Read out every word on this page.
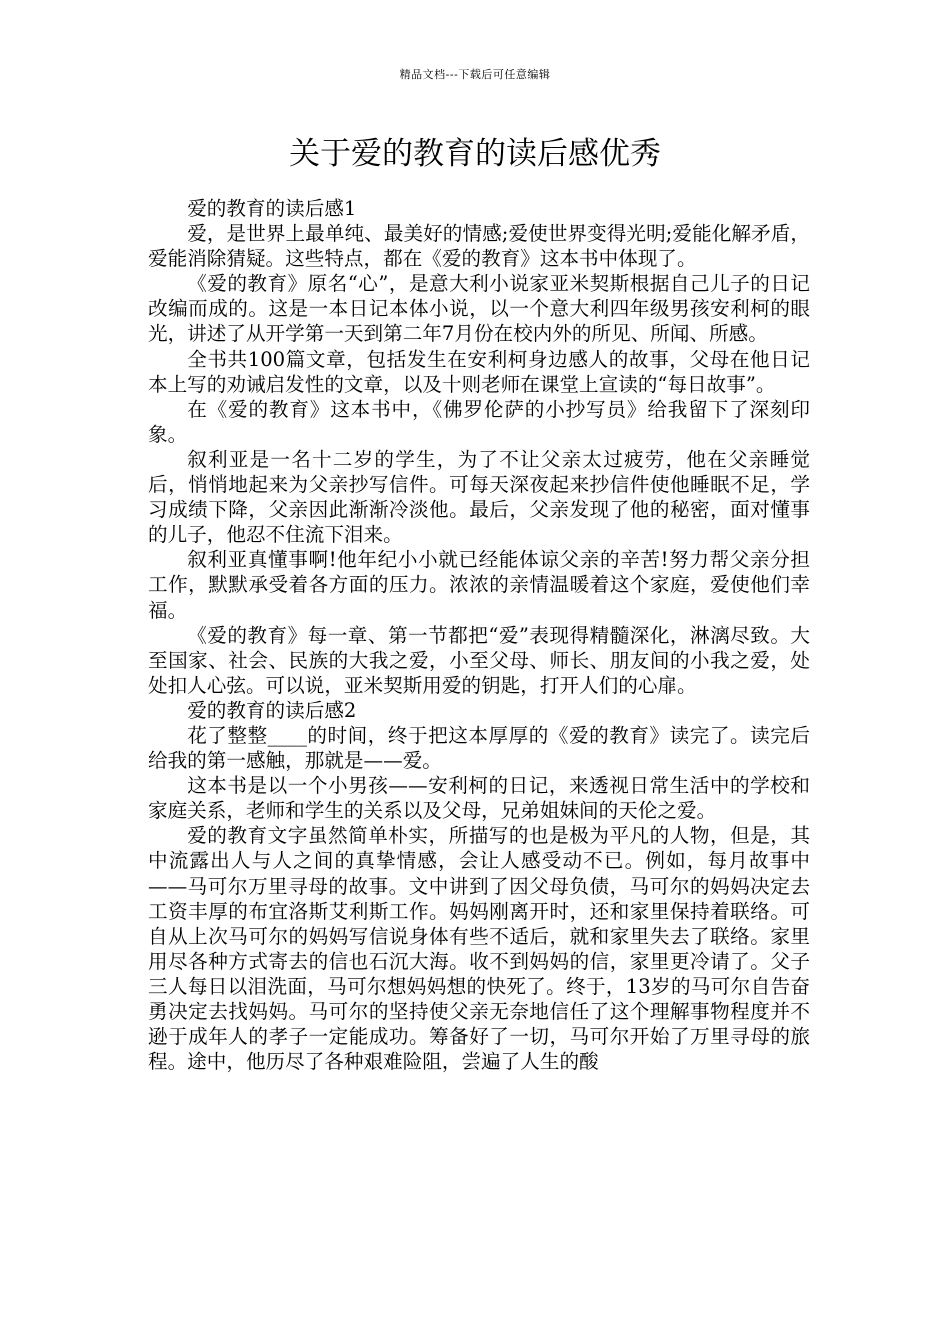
精品文档---下载后可任意编辑
关于爱的教育的读后感优秀

爱的教育的读后感1

爱，是世界上最单纯、最美好的情感;爱使世界变得光明;爱能化解矛盾，爱能消除猜疑。这些特点，都在《爱的教育》这本书中体现了。

《爱的教育》原名“心”，是意大利小说家亚米契斯根据自己儿子的日记改编而成的。这是一本日记本体小说，以一个意大利四年级男孩安利柯的眼光，讲述了从开学第一天到第二年7月份在校内外的所见、所闻、所感。

全书共100篇文章，包括发生在安利柯身边感人的故事，父母在他日记本上写的劝诫启发性的文章，以及十则老师在课堂上宣读的“每日故事”。

在《爱的教育》这本书中，《佛罗伦萨的小抄写员》给我留下了深刻印象。

叙利亚是一名十二岁的学生，为了不让父亲太过疲劳，他在父亲睡觉后，悄悄地起来为父亲抄写信件。可每天深夜起来抄信件使他睡眠不足，学习成绩下降，父亲因此渐渐冷淡他。最后，父亲发现了他的秘密，面对懂事的儿子，他忍不住流下泪来。

叙利亚真懂事啊!他年纪小小就已经能体谅父亲的辛苦!努力帮父亲分担工作，默默承受着各方面的压力。浓浓的亲情温暖着这个家庭，爱使他们幸福。

《爱的教育》每一章、第一节都把“爱”表现得精髓深化，淋漓尽致。大至国家、社会、民族的大我之爱，小至父母、师长、朋友间的小我之爱，处处扣人心弦。可以说，亚米契斯用爱的钥匙，打开人们的心扉。

爱的教育的读后感2

花了整整____的时间，终于把这本厚厚的《爱的教育》读完了。读完后给我的第一感触，那就是——爱。

这本书是以一个小男孩——安利柯的日记，来透视日常生活中的学校和家庭关系，老师和学生的关系以及父母，兄弟姐妹间的天伦之爱。

爱的教育文字虽然简单朴实，所描写的也是极为平凡的人物，但是，其中流露出人与人之间的真挚情感，会让人感受动不已。例如，每月故事中——马可尔万里寻母的故事。文中讲到了因父母负债，马可尔的妈妈决定去工资丰厚的布宜洛斯艾利斯工作。妈妈刚离开时，还和家里保持着联络。可自从上次马可尔的妈妈写信说身体有些不适后，就和家里失去了联络。家里用尽各种方式寄去的信也石沉大海。收不到妈妈的信，家里更冷请了。父子三人每日以泪洗面，马可尔想妈妈想的快死了。终于，13岁的马可尔自告奋勇决定去找妈妈。马可尔的坚持使父亲无奈地信任了这个理解事物程度并不逊于成年人的孝子一定能成功。筹备好了一切，马可尔开始了万里寻母的旅程。途中，他历尽了各种艰难险阻，尝遍了人生的酸
